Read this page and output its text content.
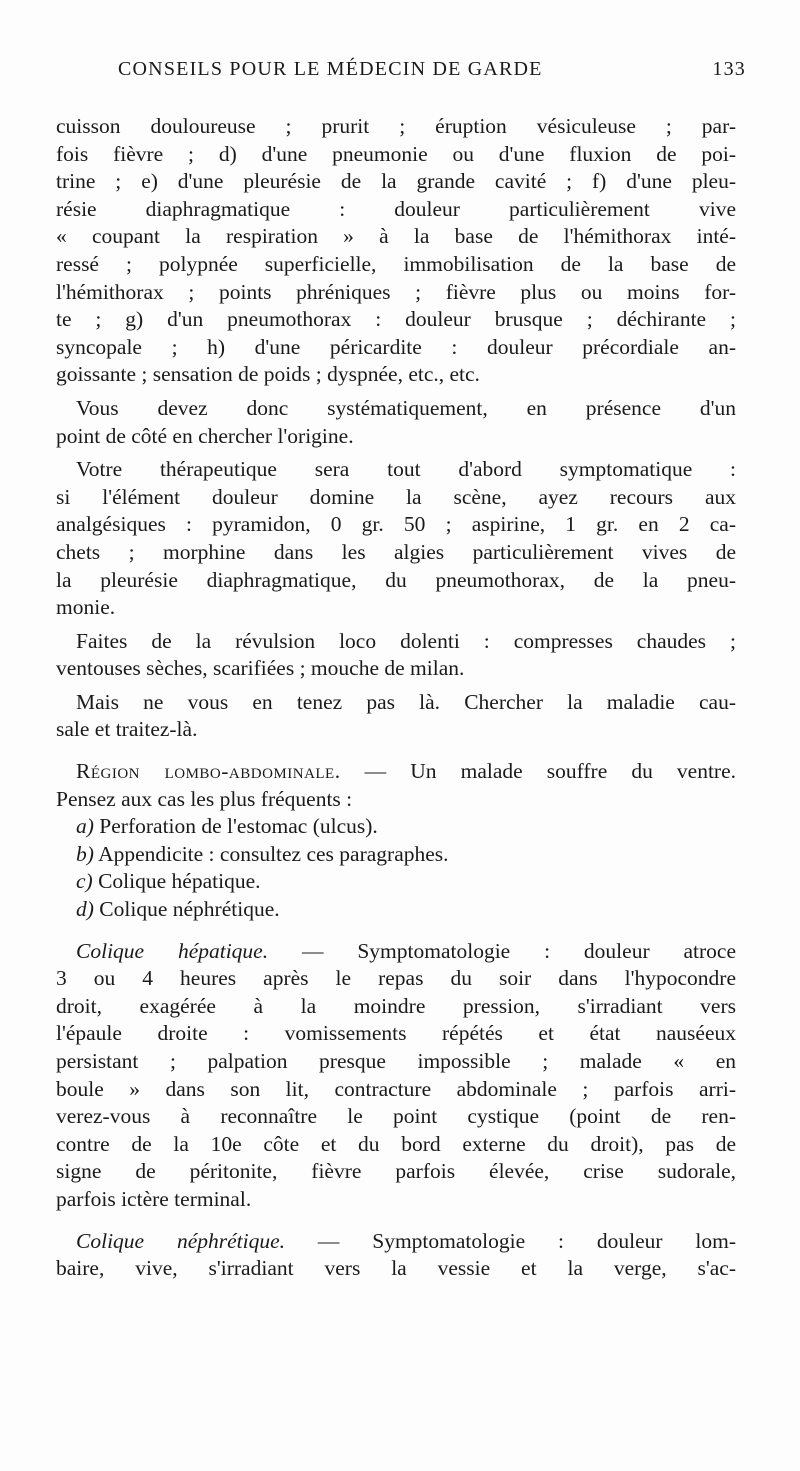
CONSEILS POUR LE MÉDECIN DE GARDE	133
cuisson douloureuse ; prurit ; éruption vésiculeuse ; par-
fois fièvre ; d) d'une pneumonie ou d'une fluxion de poi-
trine ; e) d'une pleurésie de la grande cavité ; f) d'une pleu-
résie diaphragmatique : douleur particulièrement vive
« coupant la respiration » à la base de l'hémithorax inté-
ressé ; polypnée superficielle, immobilisation de la base de
l'hémithorax ; points phréniques ; fièvre plus ou moins for-
te ; g) d'un pneumothorax : douleur brusque ; déchirante ;
syncopale ; h) d'une péricardite : douleur précordiale an-
goissante ; sensation de poids ; dyspnée, etc., etc.
Vous devez donc systématiquement, en présence d'un
point de côté en chercher l'origine.
Votre thérapeutique sera tout d'abord symptomatique :
si l'élément douleur domine la scène, ayez recours aux
analgésiques : pyramidon, 0 gr. 50 ; aspirine, 1 gr. en 2 ca-
chets ; morphine dans les algies particulièrement vives de
la pleurésie diaphragmatique, du pneumothorax, de la pneu-
monie.
Faites de la révulsion loco dolenti : compresses chaudes ;
ventouses sèches, scarifiées ; mouche de milan.
Mais ne vous en tenez pas là. Chercher la maladie cau-
sale et traitez-là.
Région lombo-abdominale. — Un malade souffre du ventre.
Pensez aux cas les plus fréquents :
a) Perforation de l'estomac (ulcus).
b) Appendicite : consultez ces paragraphes.
c) Colique hépatique.
d) Colique néphrétique.
Colique hépatique. — Symptomatologie : douleur atroce
3 ou 4 heures après le repas du soir dans l'hypocondre
droit, exagérée à la moindre pression, s'irradiant vers
l'épaule droite : vomissements répétés et état nauséeux
persistant ; palpation presque impossible ; malade « en
boule » dans son lit, contracture abdominale ; parfois arri-
verez-vous à reconnaître le point cystique (point de ren-
contre de la 10e côte et du bord externe du droit), pas de
signe de péritonite, fièvre parfois élevée, crise sudorale,
parfois ictère terminal.
Colique néphrétique. — Symptomatologie : douleur lom-
baire, vive, s'irradiant vers la vessie et la verge, s'ac-
